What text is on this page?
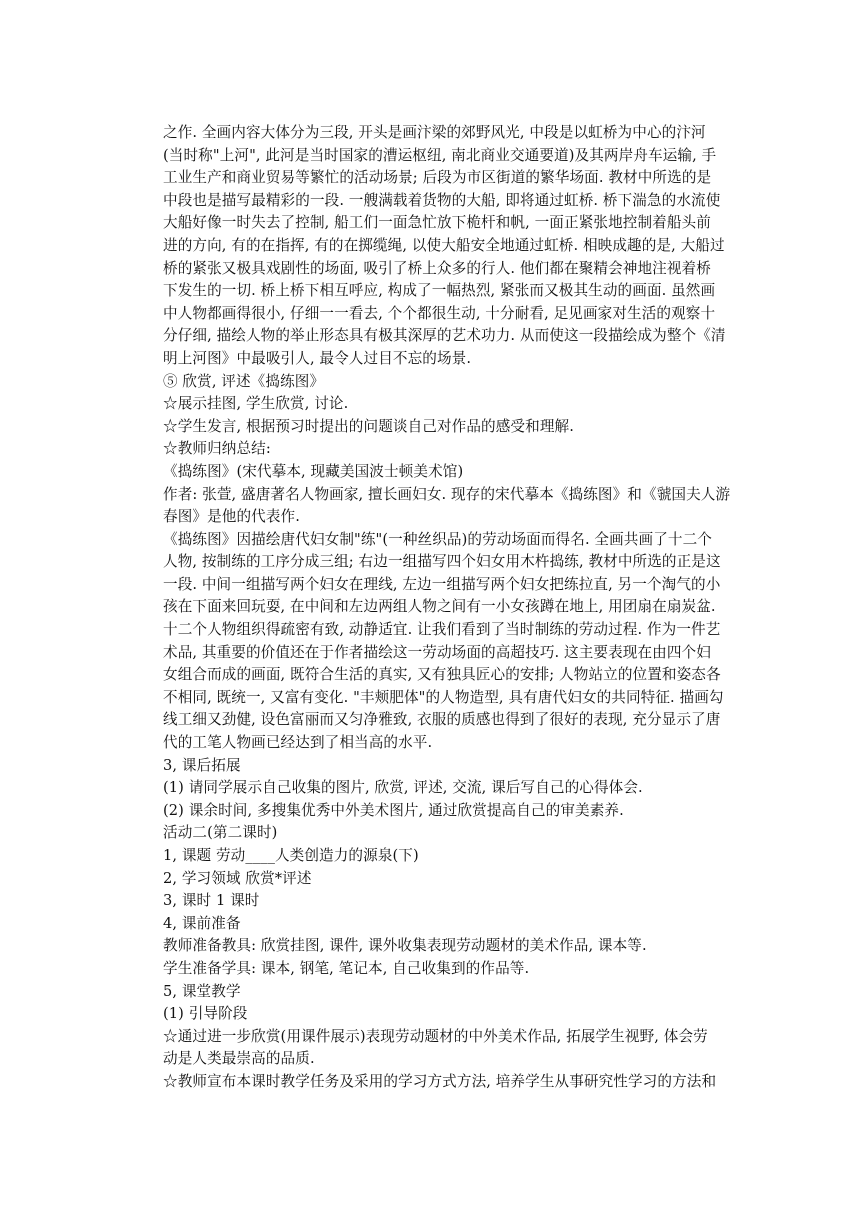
之作. 全画内容大体分为三段, 开头是画汴梁的郊野风光, 中段是以虹桥为中心的汴河
(当时称"上河", 此河是当时国家的漕运枢纽, 南北商业交通要道)及其两岸舟车运输, 手
工业生产和商业贸易等繁忙的活动场景; 后段为市区街道的繁华场面. 教材中所选的是
中段也是描写最精彩的一段. 一艘满载着货物的大船, 即将通过虹桥. 桥下湍急的水流使
大船好像一时失去了控制, 船工们一面急忙放下桅杆和帆, 一面正紧张地控制着船头前
进的方向, 有的在指挥, 有的在掷缆绳, 以使大船安全地通过虹桥. 相映成趣的是, 大船过
桥的紧张又极具戏剧性的场面, 吸引了桥上众多的行人. 他们都在聚精会神地注视着桥
下发生的一切. 桥上桥下相互呼应, 构成了一幅热烈, 紧张而又极其生动的画面. 虽然画
中人物都画得很小, 仔细一一看去, 个个都很生动, 十分耐看, 足见画家对生活的观察十
分仔细, 描绘人物的举止形态具有极其深厚的艺术功力. 从而使这一段描绘成为整个《清
明上河图》中最吸引人, 最令人过目不忘的场景.
⑤ 欣赏, 评述《捣练图》
☆展示挂图, 学生欣赏, 讨论.
☆学生发言, 根据预习时提出的问题谈自己对作品的感受和理解.
☆教师归纳总结:
《捣练图》(宋代摹本, 现藏美国波士顿美术馆)
作者: 张萱, 盛唐著名人物画家, 擅长画妇女. 现存的宋代摹本《捣练图》和《虢国夫人游
春图》是他的代表作.
《捣练图》因描绘唐代妇女制"练"(一种丝织品)的劳动场面而得名. 全画共画了十二个
人物, 按制练的工序分成三组; 右边一组描写四个妇女用木杵捣练, 教材中所选的正是这
一段. 中间一组描写两个妇女在理线, 左边一组描写两个妇女把练拉直, 另一个淘气的小
孩在下面来回玩耍, 在中间和左边两组人物之间有一小女孩蹲在地上, 用团扇在扇炭盆.
十二个人物组织得疏密有致, 动静适宜. 让我们看到了当时制练的劳动过程. 作为一件艺
术品, 其重要的价值还在于作者描绘这一劳动场面的高超技巧. 这主要表现在由四个妇
女组合而成的画面, 既符合生活的真实, 又有独具匠心的安排; 人物站立的位置和姿态各
不相同, 既统一, 又富有变化. "丰颊肥体"的人物造型, 具有唐代妇女的共同特征. 描画勾
线工细又劲健, 设色富丽而又匀净雅致, 衣服的质感也得到了很好的表现, 充分显示了唐
代的工笔人物画已经达到了相当高的水平.
3, 课后拓展
(1) 请同学展示自己收集的图片, 欣赏, 评述, 交流, 课后写自己的心得体会.
(2) 课余时间, 多搜集优秀中外美术图片, 通过欣赏提高自己的审美素养.
活动二(第二课时)
1, 课题 劳动____人类创造力的源泉(下)
2, 学习领域 欣赏*评述
3, 课时 1 课时
4, 课前准备
教师准备教具: 欣赏挂图, 课件, 课外收集表现劳动题材的美术作品, 课本等.
学生准备学具: 课本, 钢笔, 笔记本, 自己收集到的作品等.
5, 课堂教学
(1) 引导阶段
☆通过进一步欣赏(用课件展示)表现劳动题材的中外美术作品, 拓展学生视野, 体会劳
动是人类最崇高的品质.
☆教师宣布本课时教学任务及采用的学习方式方法, 培养学生从事研究性学习的方法和
